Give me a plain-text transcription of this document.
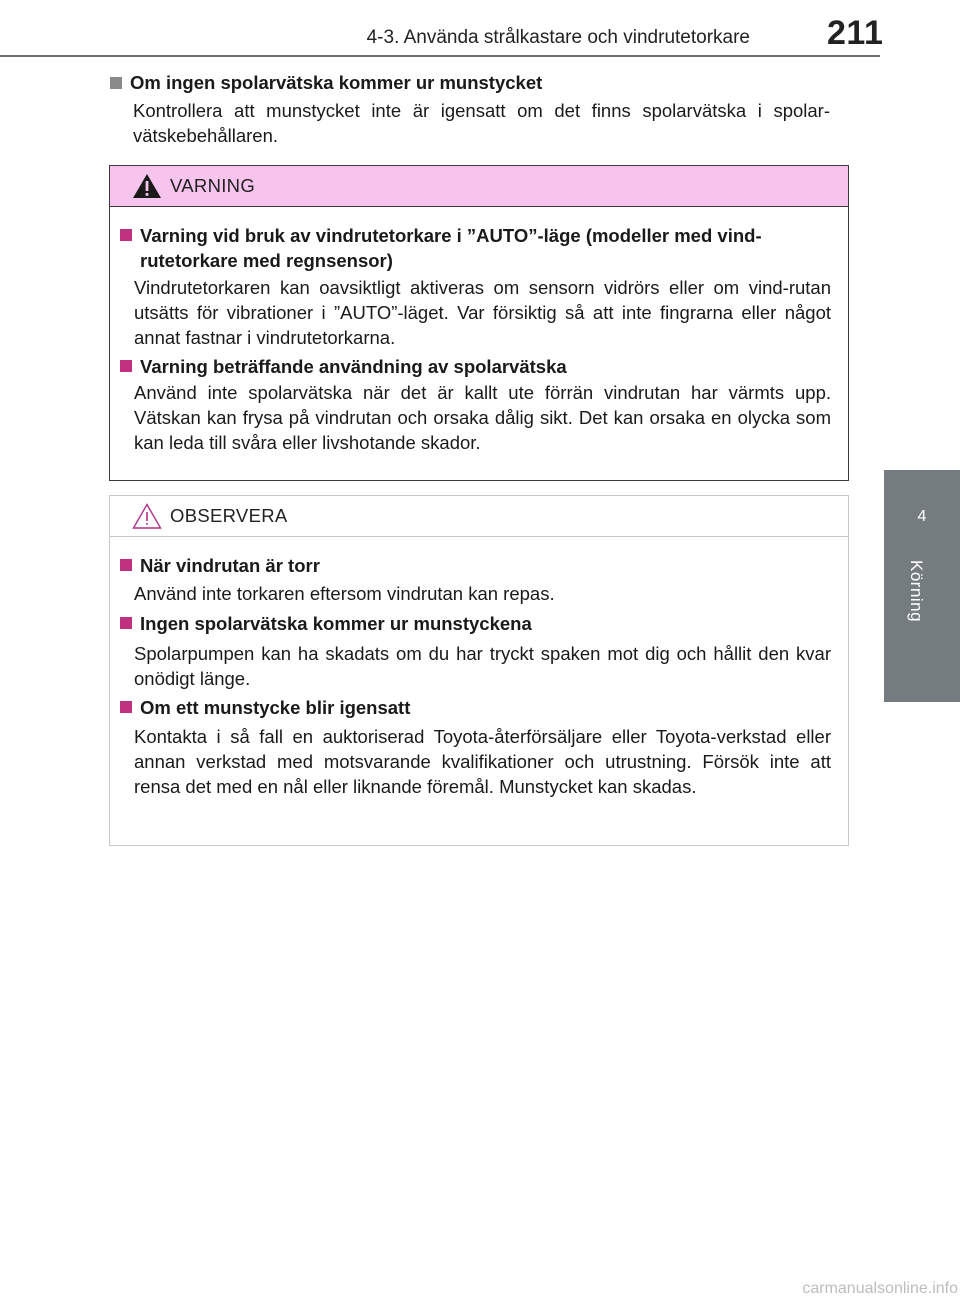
4-3. Använda strålkastare och vindrutetorkare 211
4
Körning
Om ingen spolarvätska kommer ur munstycket
Kontrollera att munstycket inte är igensatt om det finns spolarvätska i spolar-vätskebehållaren.
VARNING
Varning vid bruk av vindrutetorkare i ”AUTO”-läge (modeller med vind-rutetorkare med regnsensor)
Vindrutetorkaren kan oavsiktligt aktiveras om sensorn vidrörs eller om vind-rutan utsätts för vibrationer i ”AUTO”-läget. Var försiktig så att inte fingrarna eller något annat fastnar i vindrutetorkarna.
Varning beträffande användning av spolarvätska
Använd inte spolarvätska när det är kallt ute förrän vindrutan har värmts upp. Vätskan kan frysa på vindrutan och orsaka dålig sikt. Det kan orsaka en olycka som kan leda till svåra eller livshotande skador.
OBSERVERA
När vindrutan är torr
Använd inte torkaren eftersom vindrutan kan repas.
Ingen spolarvätska kommer ur munstyckena
Spolarpumpen kan ha skadats om du har tryckt spaken mot dig och hållit den kvar onödigt länge.
Om ett munstycke blir igensatt
Kontakta i så fall en auktoriserad Toyota-återförsäljare eller Toyota-verkstad eller annan verkstad med motsvarande kvalifikationer och utrustning. Försök inte att rensa det med en nål eller liknande föremål. Munstycket kan skadas.
carmanualsonline.info
